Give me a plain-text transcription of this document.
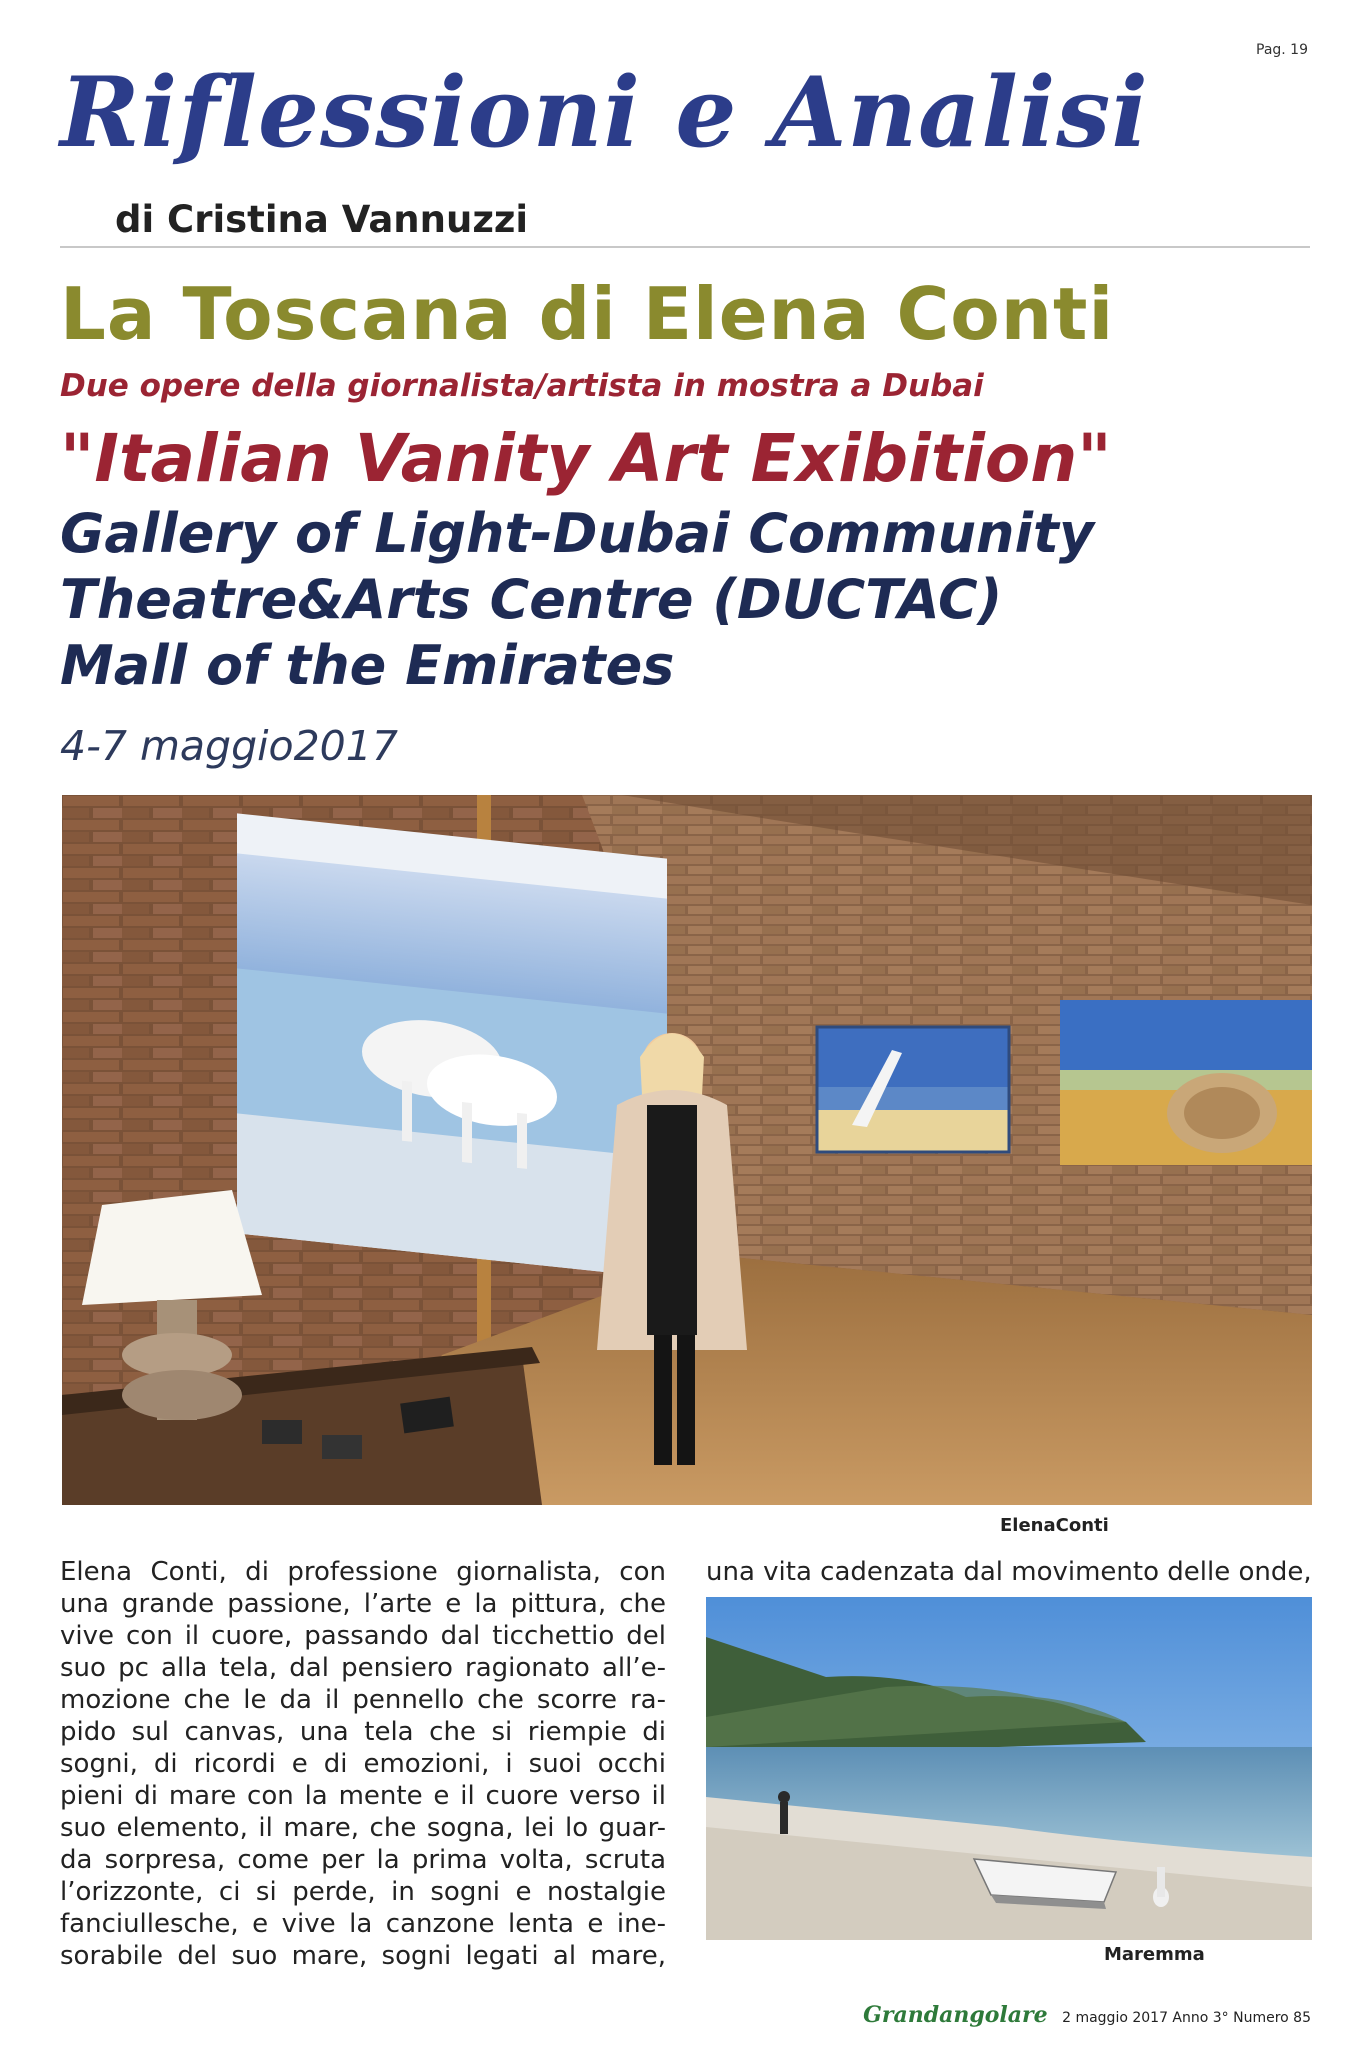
Pag. 19
Riflessioni e Analisi
di Cristina Vannuzzi
La Toscana di Elena Conti
Due opere della giornalista/artista in mostra a Dubai
"Italian Vanity Art Exibition"
Gallery of Light-Dubai Community
Theatre&Arts Centre (DUCTAC)
Mall of the Emirates
4-7 maggio2017
ElenaConti
Elena Conti, di professione giornalista, con
una grande passione, l’arte e la pittura, che
vive con il cuore, passando dal ticchettio del
suo pc alla tela, dal pensiero ragionato all’e-
mozione che le da il pennello che scorre ra-
pido sul canvas, una tela che si riempie di
sogni, di ricordi e di emozioni, i suoi occhi
pieni di mare con la mente e il cuore verso il
suo elemento, il mare, che sogna, lei lo guar-
da sorpresa, come per la prima volta, scruta
l’orizzonte, ci si perde, in sogni e nostalgie
fanciullesche, e vive la canzone lenta e ine-
sorabile del suo mare, sogni legati al mare,
una vita cadenzata dal movimento delle onde,
Maremma
Grandangolare 2 maggio 2017 Anno 3° Numero 85
